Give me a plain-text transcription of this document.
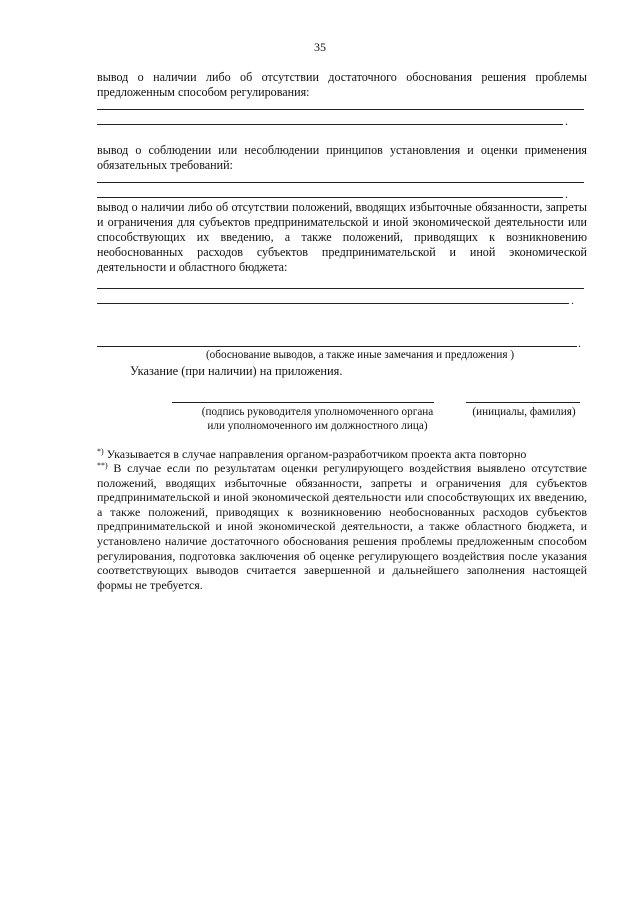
35
вывод о наличии либо об отсутствии достаточного обоснования решения проблемы предложенным способом регулирования:
.
вывод о соблюдении или несоблюдении принципов установления и оценки применения обязательных требований:
.
вывод о наличии либо об отсутствии положений, вводящих избыточные обязанности, запреты и ограничения для субъектов предпринимательской и иной экономической деятельности или способствующих их введению, а также положений, приводящих к возникновению необоснованных расходов субъектов предпринимательской и иной экономической деятельности и областного бюджета:
.
.
(обоснование выводов, а также иные замечания и предложения )
Указание (при наличии) на приложения.
(подпись руководителя уполномоченного органа
или уполномоченного им должностного лица)
(инициалы, фамилия)
*) Указывается в случае направления органом-разработчиком проекта акта повторно
**) В случае если по результатам оценки регулирующего воздействия выявлено отсутствие положений, вводящих избыточные обязанности, запреты и ограничения для субъектов предпринимательской и иной экономической деятельности или способствующих их введению, а также положений, приводящих к возникновению необоснованных расходов субъектов предпринимательской и иной экономической деятельности, а также областного бюджета, и установлено наличие достаточного обоснования решения проблемы предложенным способом регулирования, подготовка заключения об оценке регулирующего воздействия после указания соответствующих выводов считается завершенной и дальнейшего заполнения настоящей формы не требуется.
